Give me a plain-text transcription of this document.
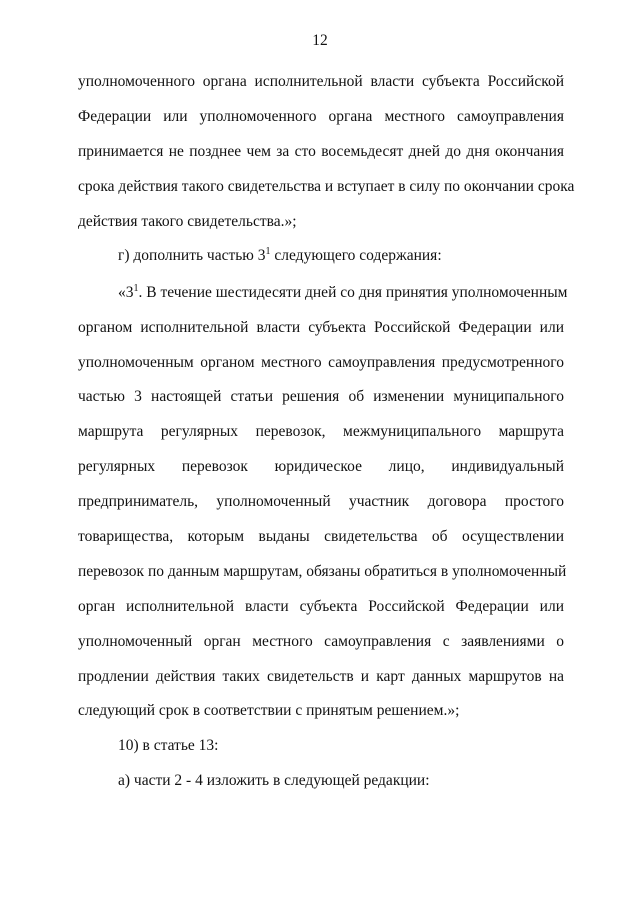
12
уполномоченного органа исполнительной власти субъекта Российской
Федерации или уполномоченного органа местного самоуправления
принимается не позднее чем за сто восемьдесят дней до дня окончания
срока действия такого свидетельства и вступает в силу по окончании срока
действия такого свидетельства.»;
г) дополнить частью $3^1$ следующего содержания:
«$3^1$. В течение шестидесяти дней со дня принятия уполномоченным
органом исполнительной власти субъекта Российской Федерации или
уполномоченным органом местного самоуправления предусмотренного
частью 3 настоящей статьи решения об изменении муниципального
маршрута регулярных перевозок, межмуниципального маршрута
регулярных перевозок юридическое лицо, индивидуальный
предприниматель, уполномоченный участник договора простого
товарищества, которым выданы свидетельства об осуществлении
перевозок по данным маршрутам, обязаны обратиться в уполномоченный
орган исполнительной власти субъекта Российской Федерации или
уполномоченный орган местного самоуправления с заявлениями о
продлении действия таких свидетельств и карт данных маршрутов на
следующий срок в соответствии с принятым решением.»;
10) в статье 13:
а) части 2 - 4 изложить в следующей редакции:
